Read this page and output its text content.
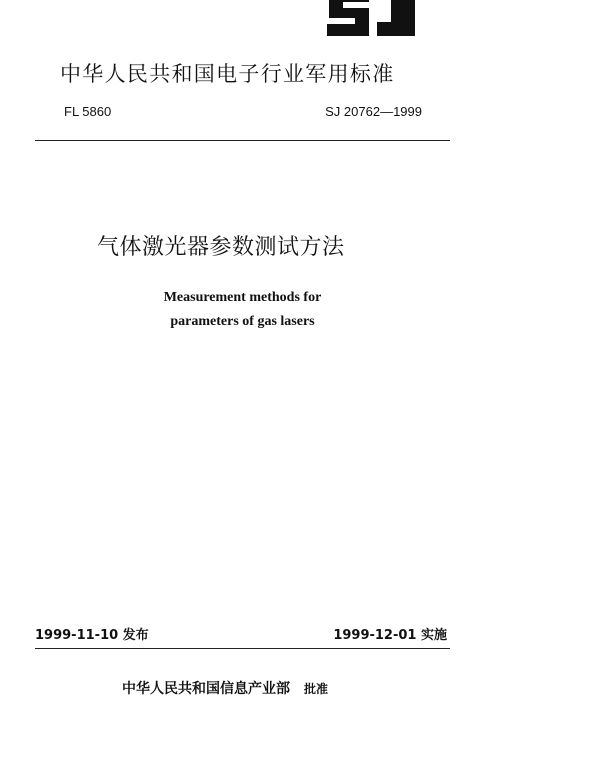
中华人民共和国电子行业军用标准
FL 5860	SJ 20762—1999
气体激光器参数测试方法
Measurement methods for
parameters of gas lasers
1999-11-10 发布	1999-12-01 实施
中华人民共和国信息产业部 批准
